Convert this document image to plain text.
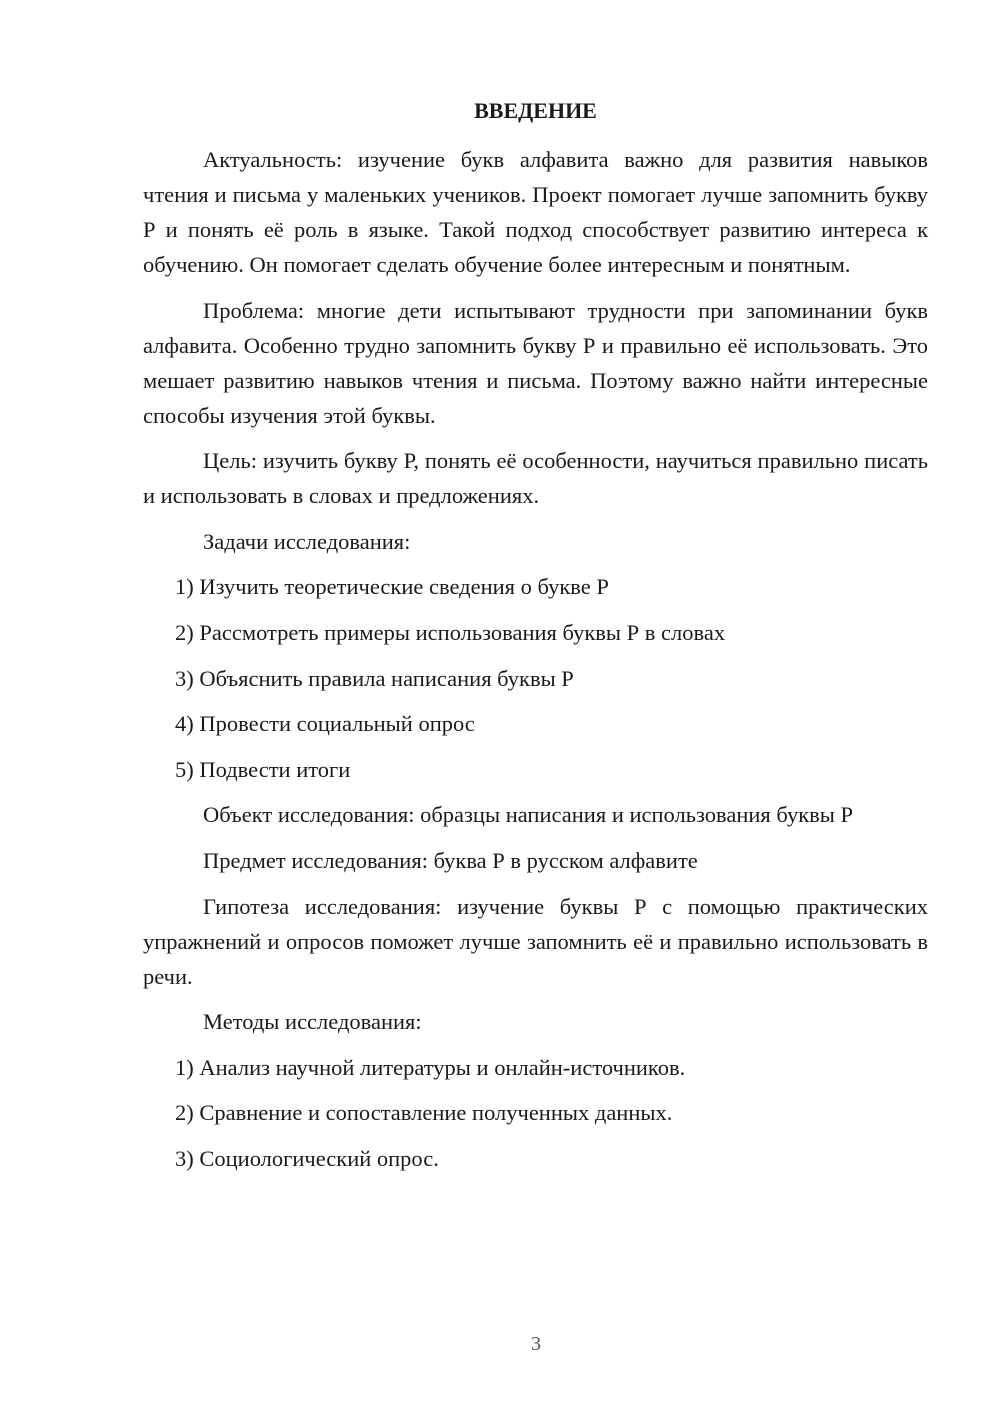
ВВЕДЕНИЕ

Актуальность: изучение букв алфавита важно для развития навыков чтения и письма у маленьких учеников. Проект помогает лучше запомнить букву Р и понять её роль в языке. Такой подход способствует развитию интереса к обучению. Он помогает сделать обучение более интересным и понятным.

Проблема: многие дети испытывают трудности при запоминании букв алфавита. Особенно трудно запомнить букву Р и правильно её использовать. Это мешает развитию навыков чтения и письма. Поэтому важно найти интересные способы изучения этой буквы.

Цель: изучить букву Р, понять её особенности, научиться правильно писать и использовать в словах и предложениях.

Задачи исследования:

1) Изучить теоретические сведения о букве Р

2) Рассмотреть примеры использования буквы Р в словах

3) Объяснить правила написания буквы Р

4) Провести социальный опрос

5) Подвести итоги

Объект исследования: образцы написания и использования буквы Р

Предмет исследования: буква Р в русском алфавите

Гипотеза исследования: изучение буквы Р с помощью практических упражнений и опросов поможет лучше запомнить её и правильно использовать в речи.

Методы исследования:

1) Анализ научной литературы и онлайн-источников.

2) Сравнение и сопоставление полученных данных.

3) Социологический опрос.

3
